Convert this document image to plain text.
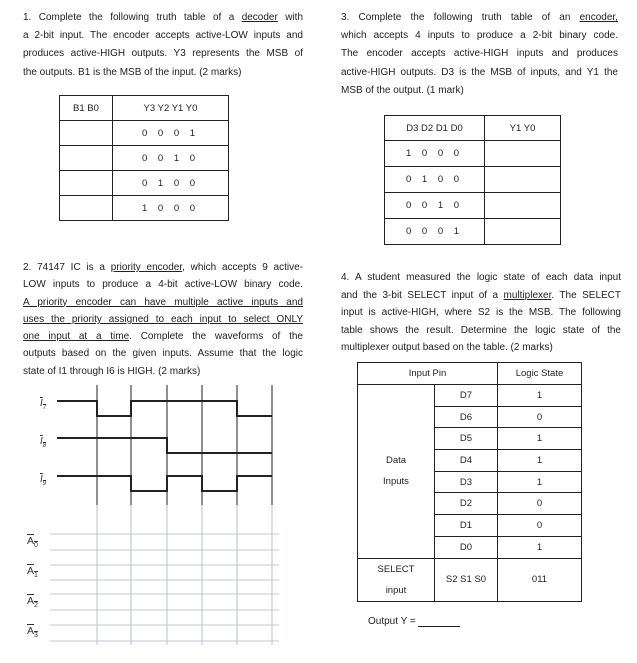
1. Complete the following truth table of a decoder with
a 2-bit input. The encoder accepts active-LOW inputs and
produces active-HIGH outputs. Y3 represents the MSB of
the outputs. B1 is the MSB of the input. (2 marks)
B1 B0	Y3 Y2 Y1 Y0
	0 0 0 1
	0 0 1 0
	0 1 0 0
	1 0 0 0
3. Complete the following truth table of an encoder,
which accepts 4 inputs to produce a 2-bit binary code.
The encoder accepts active-HIGH inputs and produces
active-HIGH outputs. D3 is the MSB of inputs, and Y1 the
MSB of the output. (1 mark)
D3 D2 D1 D0	Y1 Y0
1 0 0 0	
0 1 0 0	
0 0 1 0	
0 0 0 1	
2. 74147 IC is a priority encoder, which accepts 9 active-
LOW inputs to produce a 4-bit active-LOW binary code.
A priority encoder can have multiple active inputs and
uses the priority assigned to each input to select ONLY
one input at a time. Complete the waveforms of the
outputs based on the given inputs. Assume that the logic
state of I1 through I6 is HIGH. (2 marks)
$I_7$
$I_8$
$I_9$
$A_0$
$A_1$
$A_2$
$A_3$
4. A student measured the logic state of each data input
and the 3-bit SELECT input of a multiplexer. The SELECT
input is active-HIGH, where S2 is the MSB. The following
table shows the result. Determine the logic state of the
multiplexer output based on the table. (2 marks)
Input Pin		Logic State

Data
Inputs	D7	1
	D6	0
	D5	1
	D4	1
	D3	1
	D2	0
	D1	0
	D0	1

SELECT
input	S2 S1 S0	011
Output Y =
